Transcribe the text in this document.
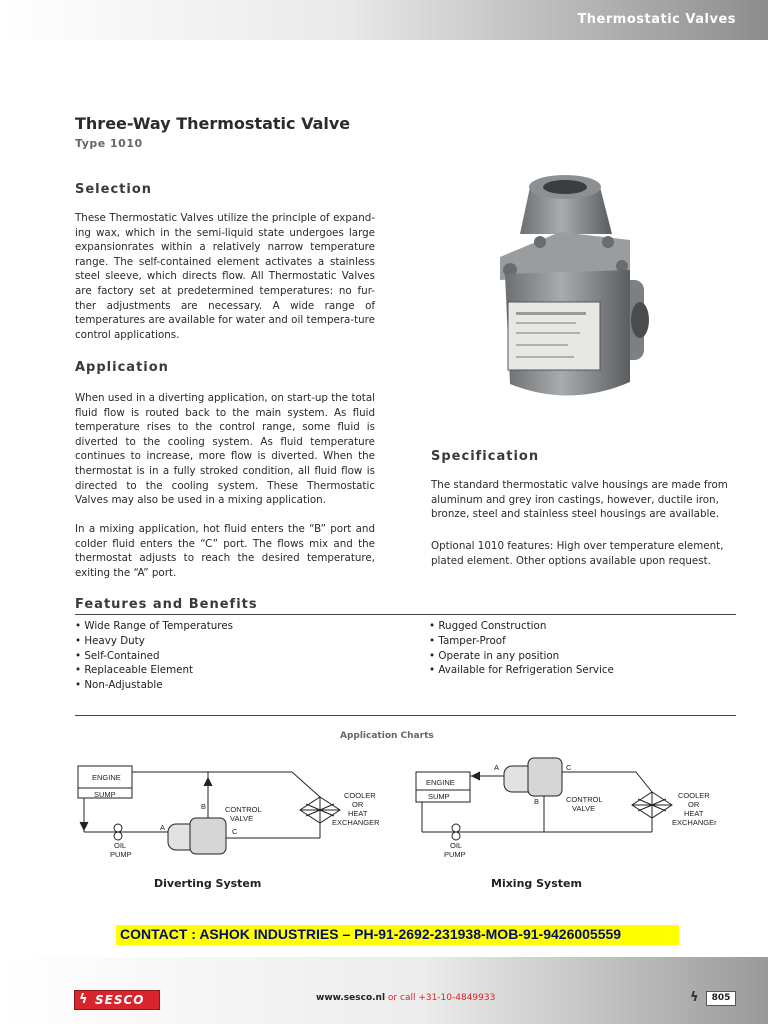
Thermostatic Valves
Three-Way Thermostatic Valve
Type 1010
Selection

These Thermostatic Valves utilize the principle of expand-ing wax, which in the semi-liquid state undergoes large expansionrates within a relatively narrow temperature range. The self-contained element activates a stainless steel sleeve, which directs flow. All Thermostatic Valves are factory set at predetermined temperatures: no fur-ther adjustments are necessary. A wide range of temperatures are available for water and oil tempera-ture control applications.

Application

When used in a diverting application, on start-up the total fluid flow is routed back to the main system. As fluid temperature rises to the control range, some fluid is diverted to the cooling system. As fluid temperature continues to increase, more flow is diverted. When the thermostat is in a fully stroked condition, all fluid flow is directed to the cooling system. These Thermostatic Valves may also be used in a mixing application.

In a mixing application, hot fluid enters the “B” port and colder fluid enters the “C” port. The flows mix and the thermostat adjusts to reach the desired temperature, exiting the “A” port.

Specification

The standard thermostatic valve housings are made from aluminum and grey iron castings, however, ductile iron, bronze, steel and stainless steel housings are available.

Optional 1010 features: High over temperature element, plated element. Other options available upon request.

Features and Benefits
• Wide Range of Temperatures
• Heavy Duty
• Self-Contained
• Replaceable Element
• Non-Adjustable
• Rugged Construction
• Tamper-Proof
• Operate in any position
• Available for Refrigeration Service
Application Charts
ENGINE
SUMP
OIL
PUMP
B
A	C
CONTROL
VALVE
COOLER
OR
HEAT
EXCHANGER
ENGINE
SUMP
A	C
B	CONTROL
VALVE
OIL
PUMP
COOLER
OR
HEAT
EXCHANGEr
Diverting System	Mixing System
CONTACT : ASHOK INDUSTRIES – PH-91-2692-231938-MOB-91-9426005559
ϟ SESCO	www.sesco.nl or call +31-10-4849933	ϟ	805
